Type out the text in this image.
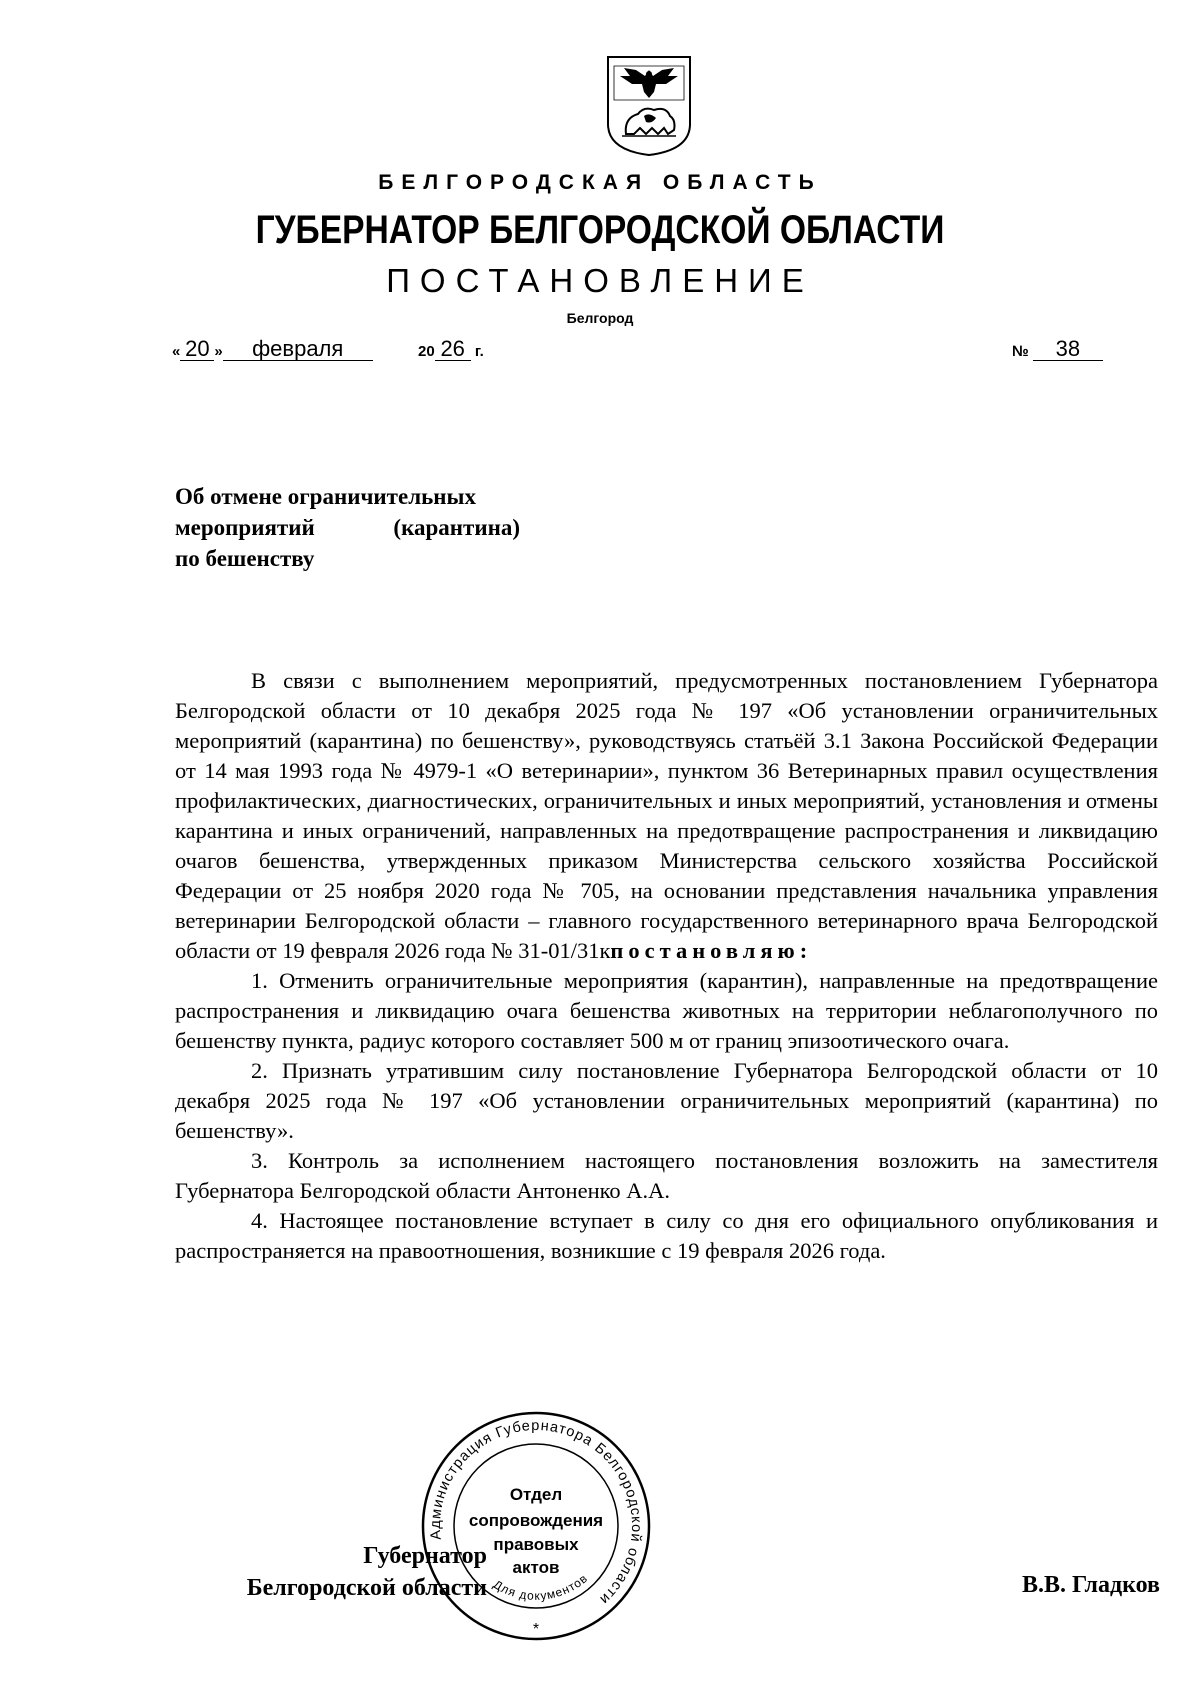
БЕЛГОРОДСКАЯ ОБЛАСТЬ
ГУБЕРНАТОР БЕЛГОРОДСКОЙ ОБЛАСТИ
ПОСТАНОВЛЕНИЕ
Белгород
« 20 » февраля	20 26 г.	№ 38
Об отмене ограничительных
мероприятий	(карантина)
по бешенству
В связи с выполнением мероприятий, предусмотренных постановлением Губернатора Белгородской области от 10 декабря 2025 года № 197 «Об установлении ограничительных мероприятий (карантина) по бешенству», руководствуясь статьёй 3.1 Закона Российской Федерации от 14 мая 1993 года № 4979-1 «О ветеринарии», пунктом 36 Ветеринарных правил осуществления профилактических, диагностических, ограничительных и иных мероприятий, установления и отмены карантина и иных ограничений, направленных на предотвращение распространения и ликвидацию очагов бешенства, утвержденных приказом Министерства сельского хозяйства Российской Федерации от 25 ноября 2020 года № 705, на основании представления начальника управления ветеринарии Белгородской области – главного государственного ветеринарного врача Белгородской области от 19 февраля 2026 года № 31-01/31кпостановляю:
1. Отменить ограничительные мероприятия (карантин), направленные на предотвращение распространения и ликвидацию очага бешенства животных на территории неблагополучного по бешенству пункта, радиус которого составляет 500 м от границ эпизоотического очага.
2. Признать утратившим силу постановление Губернатора Белгородской области от 10 декабря 2025 года № 197 «Об установлении ограничительных мероприятий (карантина) по бешенству».
3. Контроль за исполнением настоящего постановления возложить на заместителя Губернатора Белгородской области Антоненко А.А.
4. Настоящее постановление вступает в силу со дня его официального опубликования и распространяется на правоотношения, возникшие с 19 февраля 2026 года.
Губернатор
Белгородской области	В.В. Гладков
Администрация Губернатора Белгородской области
Отдел
сопровождения
правовых
актов
Для документов
*
